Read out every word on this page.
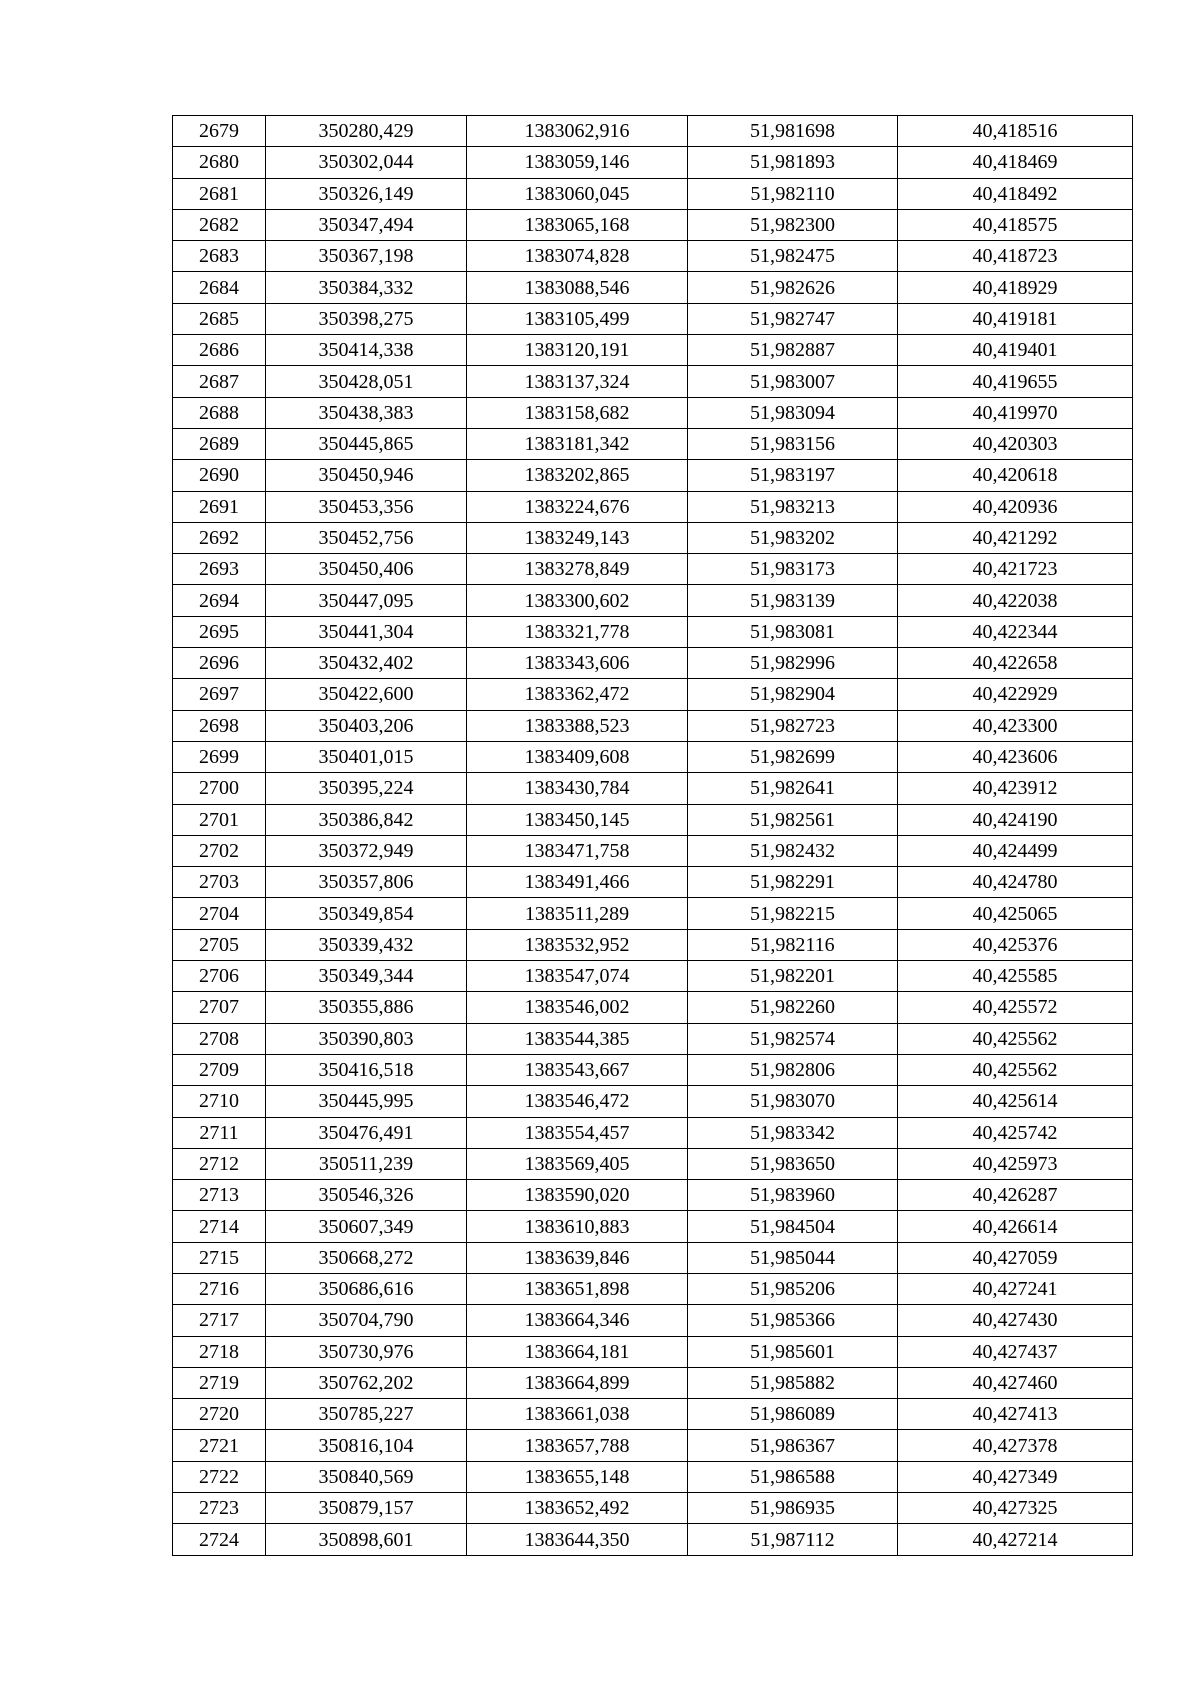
2679	350280,429	1383062,916	51,981698	40,418516
2680	350302,044	1383059,146	51,981893	40,418469
2681	350326,149	1383060,045	51,982110	40,418492
2682	350347,494	1383065,168	51,982300	40,418575
2683	350367,198	1383074,828	51,982475	40,418723
2684	350384,332	1383088,546	51,982626	40,418929
2685	350398,275	1383105,499	51,982747	40,419181
2686	350414,338	1383120,191	51,982887	40,419401
2687	350428,051	1383137,324	51,983007	40,419655
2688	350438,383	1383158,682	51,983094	40,419970
2689	350445,865	1383181,342	51,983156	40,420303
2690	350450,946	1383202,865	51,983197	40,420618
2691	350453,356	1383224,676	51,983213	40,420936
2692	350452,756	1383249,143	51,983202	40,421292
2693	350450,406	1383278,849	51,983173	40,421723
2694	350447,095	1383300,602	51,983139	40,422038
2695	350441,304	1383321,778	51,983081	40,422344
2696	350432,402	1383343,606	51,982996	40,422658
2697	350422,600	1383362,472	51,982904	40,422929
2698	350403,206	1383388,523	51,982723	40,423300
2699	350401,015	1383409,608	51,982699	40,423606
2700	350395,224	1383430,784	51,982641	40,423912
2701	350386,842	1383450,145	51,982561	40,424190
2702	350372,949	1383471,758	51,982432	40,424499
2703	350357,806	1383491,466	51,982291	40,424780
2704	350349,854	1383511,289	51,982215	40,425065
2705	350339,432	1383532,952	51,982116	40,425376
2706	350349,344	1383547,074	51,982201	40,425585
2707	350355,886	1383546,002	51,982260	40,425572
2708	350390,803	1383544,385	51,982574	40,425562
2709	350416,518	1383543,667	51,982806	40,425562
2710	350445,995	1383546,472	51,983070	40,425614
2711	350476,491	1383554,457	51,983342	40,425742
2712	350511,239	1383569,405	51,983650	40,425973
2713	350546,326	1383590,020	51,983960	40,426287
2714	350607,349	1383610,883	51,984504	40,426614
2715	350668,272	1383639,846	51,985044	40,427059
2716	350686,616	1383651,898	51,985206	40,427241
2717	350704,790	1383664,346	51,985366	40,427430
2718	350730,976	1383664,181	51,985601	40,427437
2719	350762,202	1383664,899	51,985882	40,427460
2720	350785,227	1383661,038	51,986089	40,427413
2721	350816,104	1383657,788	51,986367	40,427378
2722	350840,569	1383655,148	51,986588	40,427349
2723	350879,157	1383652,492	51,986935	40,427325
2724	350898,601	1383644,350	51,987112	40,427214
